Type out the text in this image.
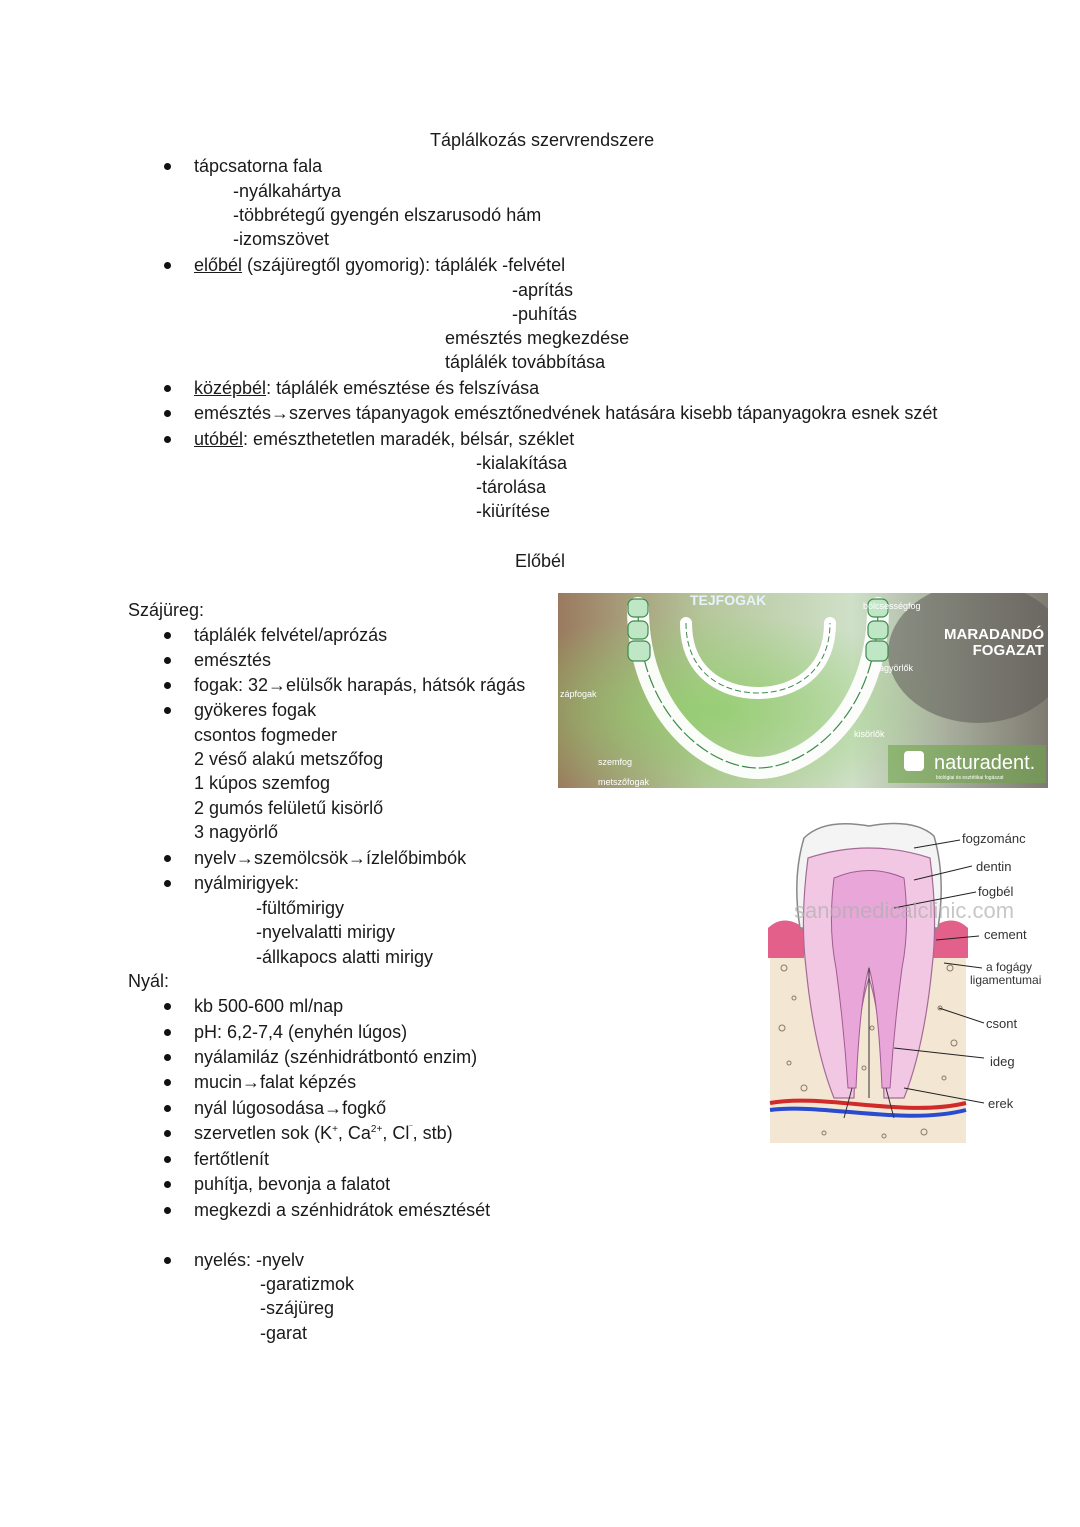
Táplálkozás szervrendszere
tápcsatorna fala
-nyálkahártya
-többrétegű gyengén elszarusodó hám
-izomszövet
előbél (szájüregtől gyomorig): táplálék -felvétel
-aprítás
-puhítás
emésztés megkezdése
táplálék továbbítása
középbél: táplálék emésztése és felszívása
emésztés→szerves tápanyagok emésztőnedvének hatására kisebb tápanyagokra esnek szét
utóbél: emészthetetlen maradék, bélsár, széklet
-kialakítása
-tárolása
-kiürítése
Előbél
Szájüreg:
táplálék felvétel/aprózás
emésztés
fogak: 32→elülsők harapás, hátsók rágás
gyökeres fogak
csontos fogmeder
2 véső alakú metszőfog
1 kúpos szemfog
2 gumós felületű kisörlő
3 nagyörlő
nyelv→szemölcsök→ízlelőbimbók
nyálmirigyek:
-fültőmirigy
-nyelvalatti mirigy
-állkapocs alatti mirigy
Nyál:
kb 500-600 ml/nap
pH: 6,2-7,4 (enyhén lúgos)
nyálamiláz (szénhidrátbontó enzim)
mucin→falat képzés
nyál lúgosodása→fogkő
szervetlen sok (K+, $Ca^{2+}$, Cl¨, stb)
fertőtlenít
puhítja, bevonja a falatot
megkezdi a szénhidrátok emésztését
nyelés: -nyelv
-garatizmok
-szájüreg
-garat
TEJFOGAK	bölcsességfog
MARADANDÓ
FOGAZAT
nagyörlők
zápfogak
kisörlők
szemfog
metszőfogak
naturadent.
biológiai és esztétikai fogászat
fogzománc
dentin
fogbél
cement
a fogágy
ligamentumai
csont
ideg
erek
sanomedicalclinic.com
